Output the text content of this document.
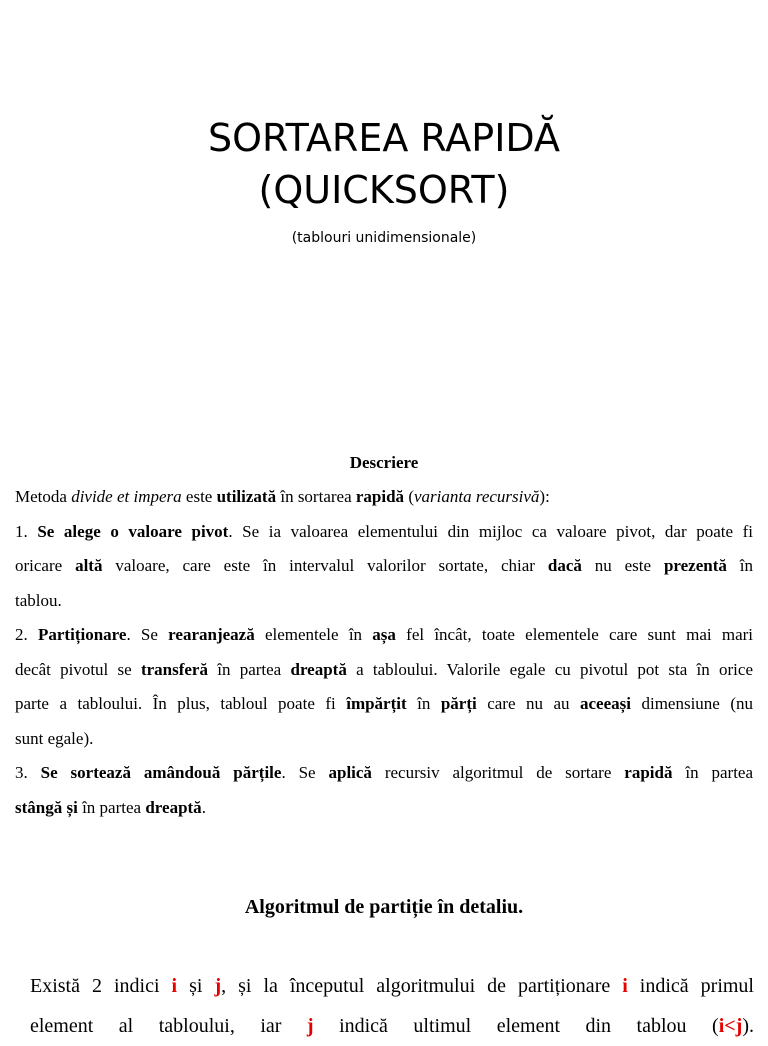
SORTAREA RAPIDĂ
(QUICKSORT)

(tablouri unidimensionale)

Descriere
Metoda divide et impera este utilizată în sortarea rapidă (varianta recursivă):
1. Se alege o valoare pivot. Se ia valoarea elementului din mijloc ca valoare pivot, dar poate fi
oricare altă valoare, care este în intervalul valorilor sortate, chiar dacă nu este prezentă în
tablou.
2. Partiționare. Se rearanjează elementele în așa fel încât, toate elementele care sunt mai mari
decât pivotul se transferă în partea dreaptă a tabloului. Valorile egale cu pivotul pot sta în orice
parte a tabloului. În plus, tabloul poate fi împărțit în părți care nu au aceeași dimensiune (nu
sunt egale).
3. Se sortează amândouă părțile. Se aplică recursiv algoritmul de sortare rapidă în partea
stângă și în partea dreaptă.
Algoritmul de partiție în detaliu.
Există 2 indici i și j, și la începutul algoritmului de partiționare i indică primul
element al tabloului, iar j indică ultimul element din tablou (i<j).
